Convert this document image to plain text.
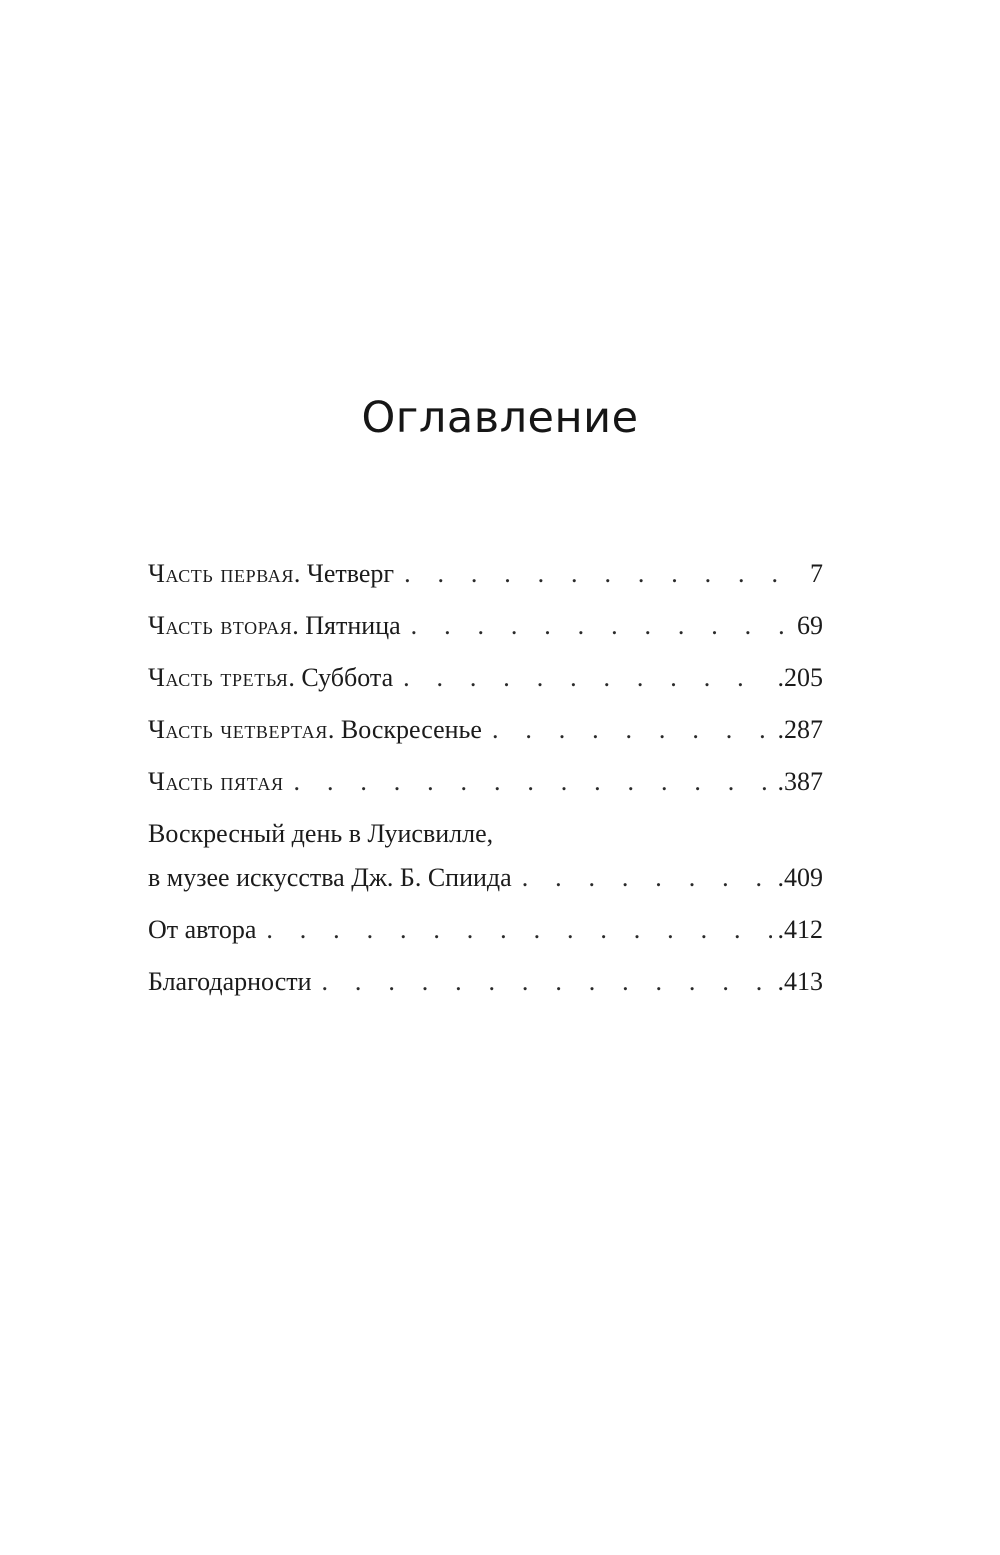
Оглавление
Часть первая. Четверг . . .	7
Часть вторая. Пятница . . .	69
Часть третья. Суббота . . .	.205
Часть четвертая. Воскресенье . . .	.287
Часть пятая . . .	.387
Воскресный день в Луисвилле,
в музее искусства Дж. Б. Спиида . . .	.409
От автора . . .	.412
Благодарности . . .	.413
